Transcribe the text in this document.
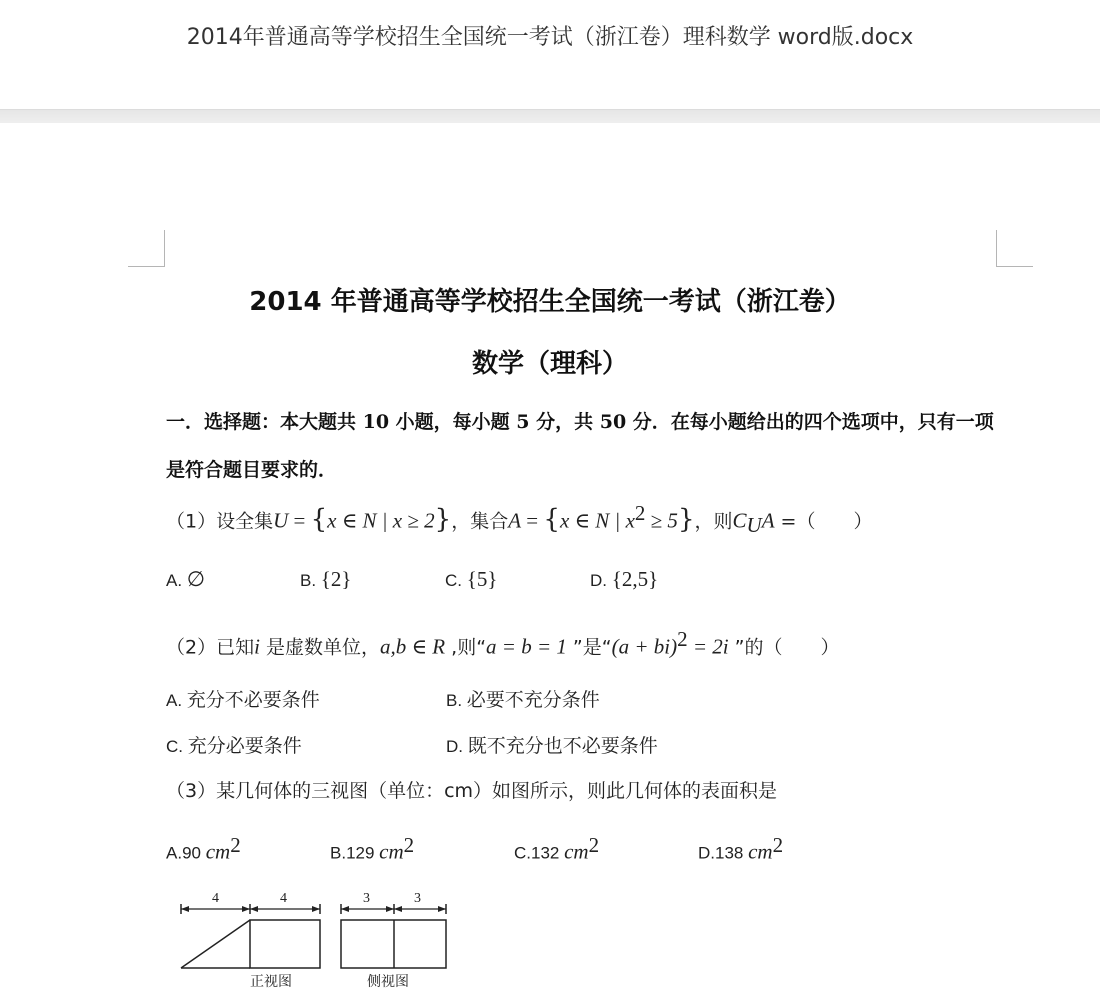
2014年普通高等学校招生全国统一考试（浙江卷）理科数学 word版.docx
2014 年普通高等学校招生全国统一考试（浙江卷）
数学（理科）
一．选择题：本大题共 10 小题，每小题 5 分，共 50 分．在每小题给出的四个选项中，只有一项是符合题目要求的．
（1）设全集U = {x ∈ N | x ≥ 2}，集合A = {x ∈ N | $x^2 \ge 5$}，则$C_UA$ =（　　）
A. ∅	B. {2}	C. {5}	D. {2,5}
（2）已知i 是虚数单位，a,b ∈ R ,则“a = b = 1 ”是“(a + bi)$^2$ = 2i ”的（　　）
A. 充分不必要条件	B. 必要不充分条件
C. 充分必要条件	D. 既不充分也不必要条件
（3）某几何体的三视图（单位：cm）如图所示，则此几何体的表面积是
A.90 $cm^2$	B.129 $cm^2$	C.132 $cm^2$	D.138 $cm^2$
4	4
正视图
3	3
侧视图
